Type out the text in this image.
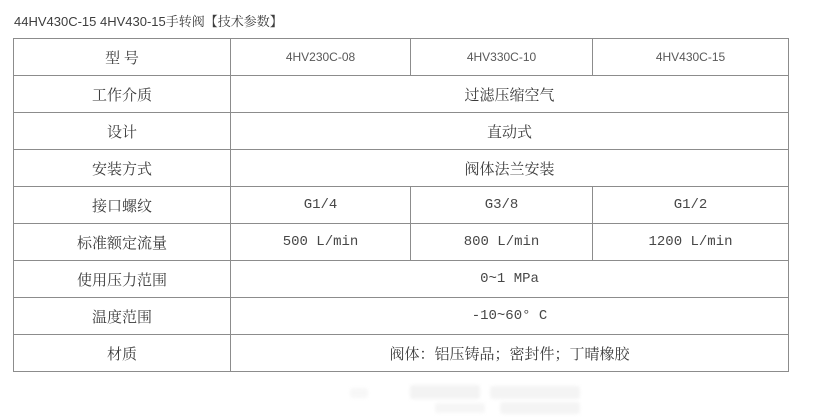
44HV430C-15 4HV430-15手转阀【技术参数】
型 号	4HV230C-08	4HV330C-10	4HV430C-15
工作介质	过滤压缩空气		
设计	直动式		
安装方式	阀体法兰安装		
接口螺纹	G1/4	G3/8	G1/2
标准额定流量	500 L/min	800 L/min	1200 L/min
使用压力范围	0~1 MPa		
温度范围	-10~60° C		
材质	阀体：铝压铸品；密封件；丁晴橡胶		
